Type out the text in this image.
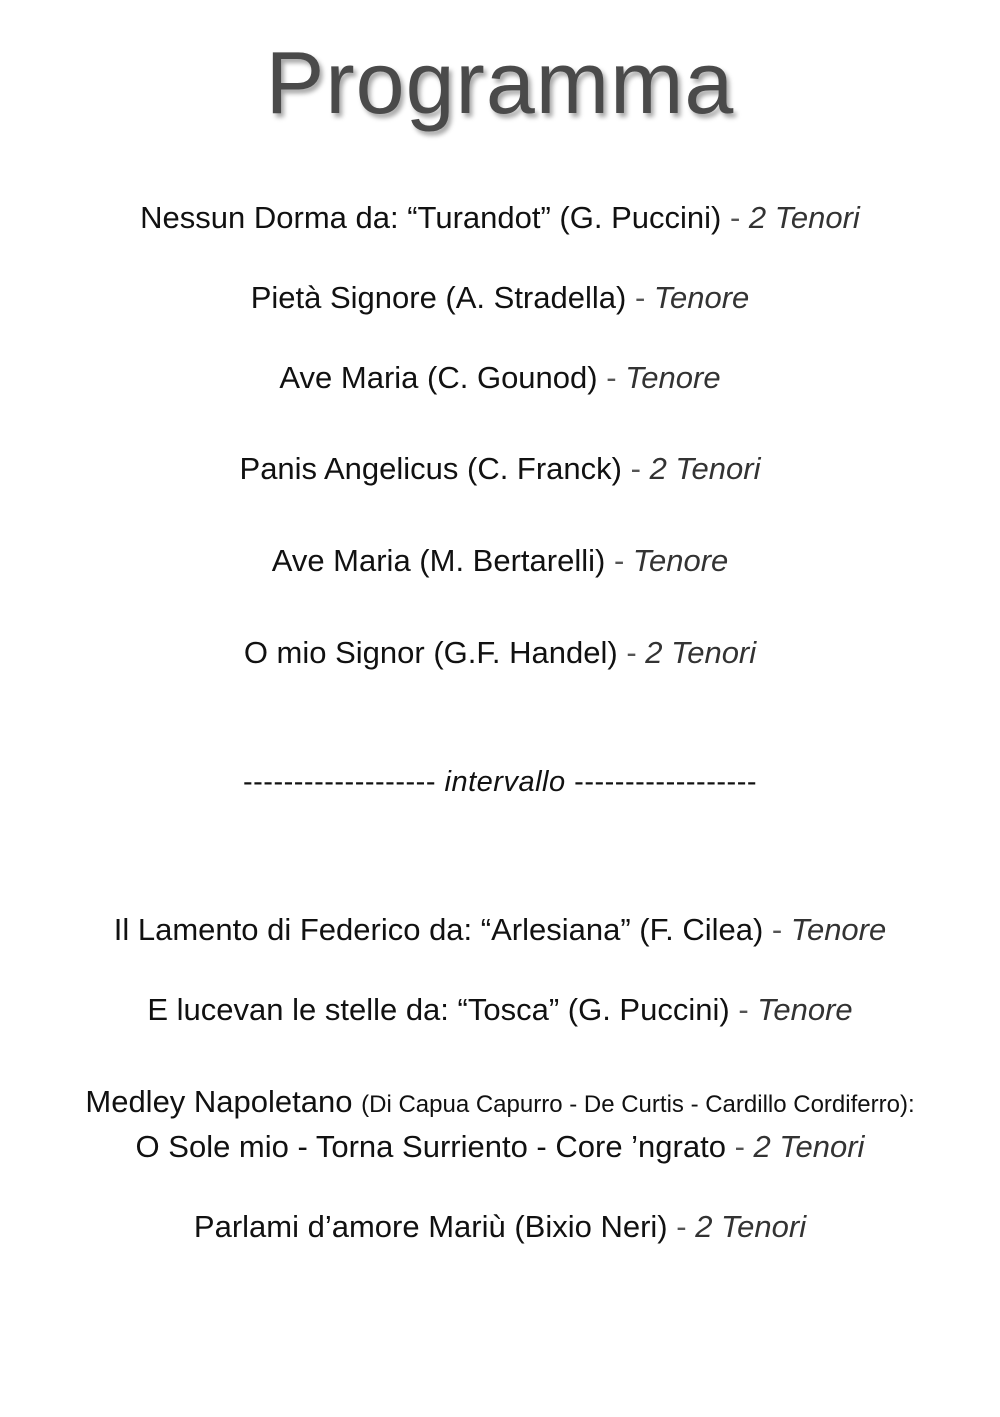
Programma
Nessun Dorma da: “Turandot” (G. Puccini) - 2 Tenori
Pietà Signore (A. Stradella) - Tenore
Ave Maria (C. Gounod) - Tenore
Panis Angelicus (C. Franck) - 2 Tenori
Ave Maria (M. Bertarelli) - Tenore
O mio Signor (G.F. Handel) - 2 Tenori
------------------- intervallo ------------------
Il Lamento di Federico da: “Arlesiana” (F. Cilea) - Tenore
E lucevan le stelle da: “Tosca” (G. Puccini) - Tenore
Medley Napoletano (Di Capua Capurro - De Curtis - Cardillo Cordiferro):
O Sole mio - Torna Surriento - Core ’ngrato - 2 Tenori
Parlami d’amore Mariù (Bixio Neri) - 2 Tenori
